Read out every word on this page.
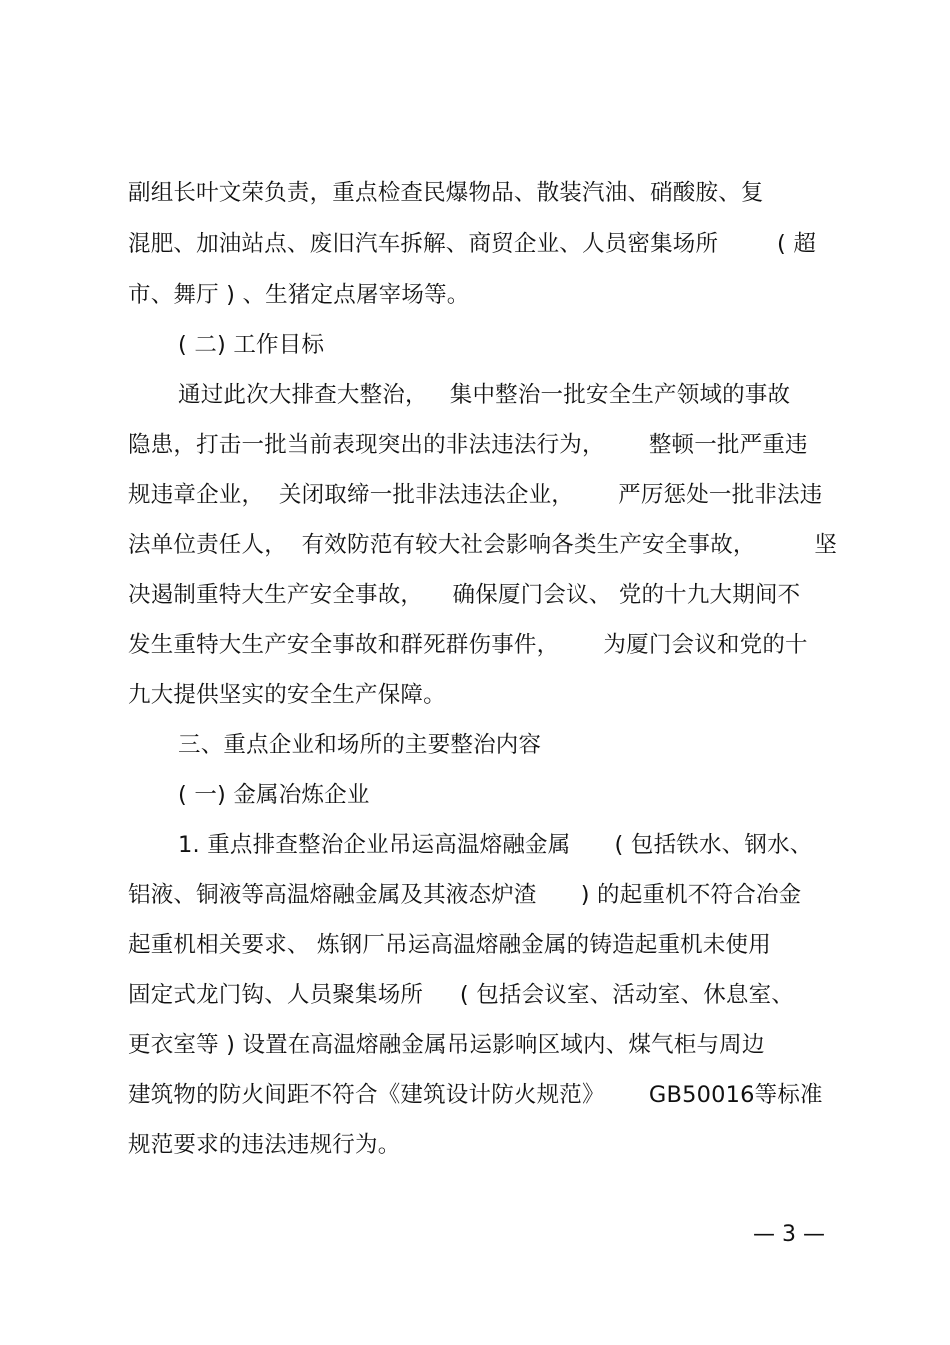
副组长叶文荣负责，重点检查民爆物品、散装汽油、硝酸胺、复
混肥、加油站点、废旧汽车拆解、商贸企业、人员密集场所        ( 超
市、舞厅 ) 、生猪定点屠宰场等。
( 二) 工作目标
通过此次大排查大整治，   集中整治一批安全生产领域的事故
隐患，打击一批当前表现突出的非法违法行为，      整顿一批严重违
规违章企业，  关闭取缔一批非法违法企业，      严厉惩处一批非法违
法单位责任人，  有效防范有较大社会影响各类生产安全事故，        坚
决遏制重特大生产安全事故，    确保厦门会议、 党的十九大期间不
发生重特大生产安全事故和群死群伤事件，      为厦门会议和党的十
九大提供坚实的安全生产保障。
三、重点企业和场所的主要整治内容
( 一) 金属冶炼企业
1. 重点排查整治企业吊运高温熔融金属      ( 包括铁水、钢水、
铝液、铜液等高温熔融金属及其液态炉渣      ) 的起重机不符合冶金
起重机相关要求、 炼钢厂吊运高温熔融金属的铸造起重机未使用
固定式龙门钩、人员聚集场所     ( 包括会议室、活动室、休息室、
更衣室等 ) 设置在高温熔融金属吊运影响区域内、煤气柜与周边
建筑物的防火间距不符合《建筑设计防火规范》      GB50016等标准
规范要求的违法违规行为。
— 3 —
